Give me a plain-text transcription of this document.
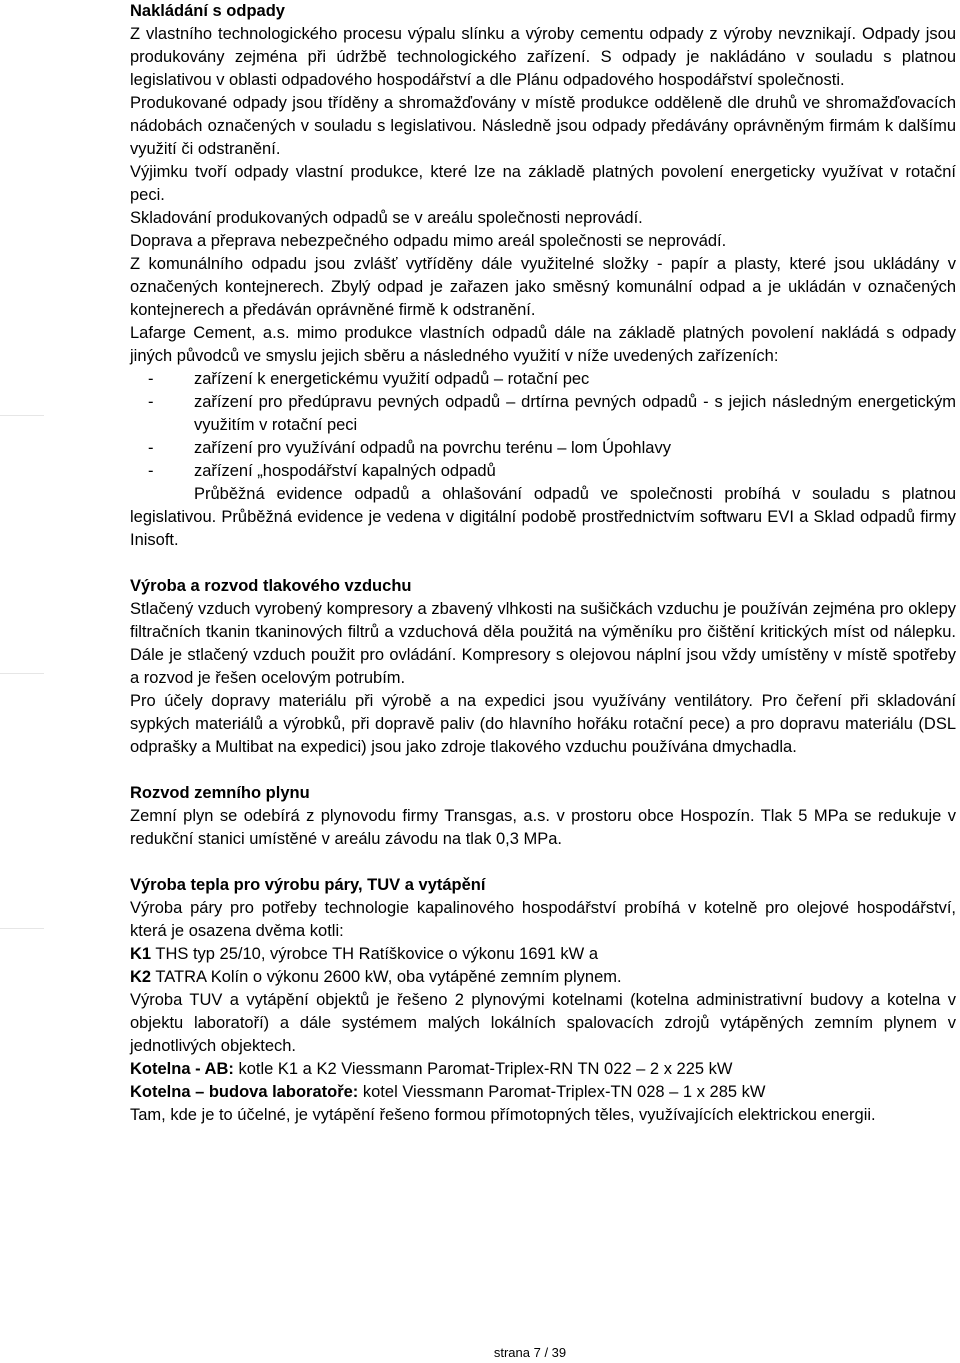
Nakládání s odpady

Z vlastního technologického procesu výpalu slínku a výroby cementu odpady z výroby nevznikají. Odpady jsou produkovány zejména při údržbě technologického zařízení. S odpady je nakládáno v souladu s platnou legislativou v oblasti odpadového hospodářství a dle Plánu odpadového hospodářství společnosti.

Produkované odpady jsou tříděny a shromažďovány v místě produkce odděleně dle druhů ve shromažďovacích nádobách označených v souladu s legislativou. Následně jsou odpady předávány oprávněným firmám k dalšímu využití či odstranění.

Výjimku tvoří odpady vlastní produkce, které lze na základě platných povolení energeticky využívat v rotační peci.

Skladování produkovaných odpadů se v areálu společnosti neprovádí.

Doprava a přeprava nebezpečného odpadu mimo areál společnosti se neprovádí.

Z komunálního odpadu jsou zvlášť vytříděny dále využitelné složky - papír a plasty, které jsou ukládány v označených kontejnerech. Zbylý odpad je zařazen jako směsný komunální odpad a je ukládán v označených kontejnerech a předáván oprávněné firmě k odstranění.

Lafarge Cement, a.s. mimo produkce vlastních odpadů dále na základě platných povolení nakládá s odpady jiných původců ve smyslu jejich sběru a následného využití v níže uvedených zařízeních:

-	zařízení k energetickému využití odpadů – rotační pec
-	zařízení pro předúpravu pevných odpadů – drtírna pevných odpadů - s jejich následným energetickým využitím v rotační peci
-	zařízení pro využívání odpadů na povrchu terénu – lom Úpohlavy
-	zařízení „hospodářství kapalných odpadů

Průběžná evidence odpadů a ohlašování odpadů ve společnosti probíhá v souladu s platnou legislativou. Průběžná evidence je vedena v digitální podobě prostřednictvím softwaru EVI a Sklad odpadů firmy Inisoft.

Výroba a rozvod tlakového vzduchu

Stlačený vzduch vyrobený kompresory a zbavený vlhkosti na sušičkách vzduchu je používán zejména pro oklepy filtračních tkanin tkaninových filtrů a vzduchová děla použitá na výměníku pro čištění kritických míst od nálepku. Dále je stlačený vzduch použit pro ovládání. Kompresory s olejovou náplní jsou vždy umístěny v místě spotřeby a rozvod je řešen ocelovým potrubím.

Pro účely dopravy materiálu při výrobě a na expedici jsou využívány ventilátory. Pro čeření při skladování sypkých materiálů a výrobků, při dopravě paliv (do hlavního hořáku rotační pece) a pro dopravu materiálu (DSL odprašky a Multibat na expedici) jsou jako zdroje tlakového vzduchu používána dmychadla.

Rozvod zemního plynu

Zemní plyn se odebírá z plynovodu firmy Transgas, a.s. v prostoru obce Hospozín. Tlak 5 MPa se redukuje v redukční stanici umístěné v areálu závodu na tlak 0,3 MPa.

Výroba tepla pro výrobu páry, TUV a vytápění

Výroba páry pro potřeby technologie kapalinového hospodářství probíhá v kotelně pro olejové hospodářství, která je osazena dvěma kotli:

K1 THS typ 25/10, výrobce TH Ratíškovice o výkonu 1691 kW a

K2 TATRA Kolín o výkonu 2600 kW, oba vytápěné zemním plynem.

Výroba TUV a vytápění objektů je řešeno 2 plynovými kotelnami (kotelna administrativní budovy a kotelna v objektu laboratoří) a dále systémem malých lokálních spalovacích zdrojů vytápěných zemním plynem v jednotlivých objektech.

Kotelna - AB: kotle K1 a K2 Viessmann Paromat-Triplex-RN TN 022 – 2 x 225 kW

Kotelna – budova laboratoře: kotel Viessmann Paromat-Triplex-TN 028 – 1 x 285 kW

Tam, kde je to účelné, je vytápění řešeno formou přímotopných těles, využívajících elektrickou energii.

strana 7 / 39
